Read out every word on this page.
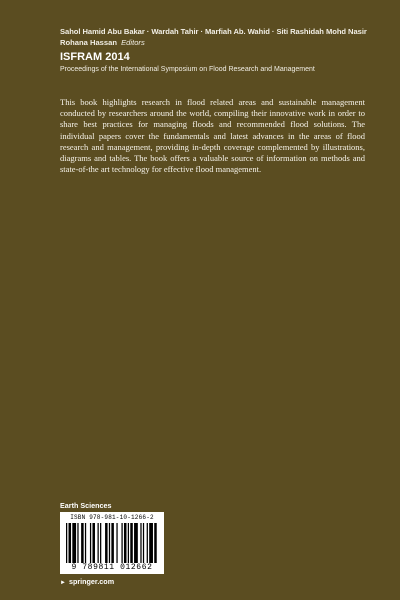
Sahol Hamid Abu Bakar · Wardah Tahir · Marfiah Ab. Wahid · Siti Rashidah Mohd Nasir
Rohana Hassan Editors
ISFRAM 2014
Proceedings of the International Symposium on Flood Research and Management
This book highlights research in flood related areas and sustainable management conducted by researchers around the world, compiling their innovative work in order to share best practices for managing floods and recommended flood solutions. The individual papers cover the fundamentals and latest advances in the areas of flood research and management, providing in-depth coverage complemented by illustrations, diagrams and tables. The book offers a valuable source of information on methods and state-of-the art technology for effective flood management.
Earth Sciences
ISBN 978-981-10-1266-2
9 789811 012662
► springer.com
